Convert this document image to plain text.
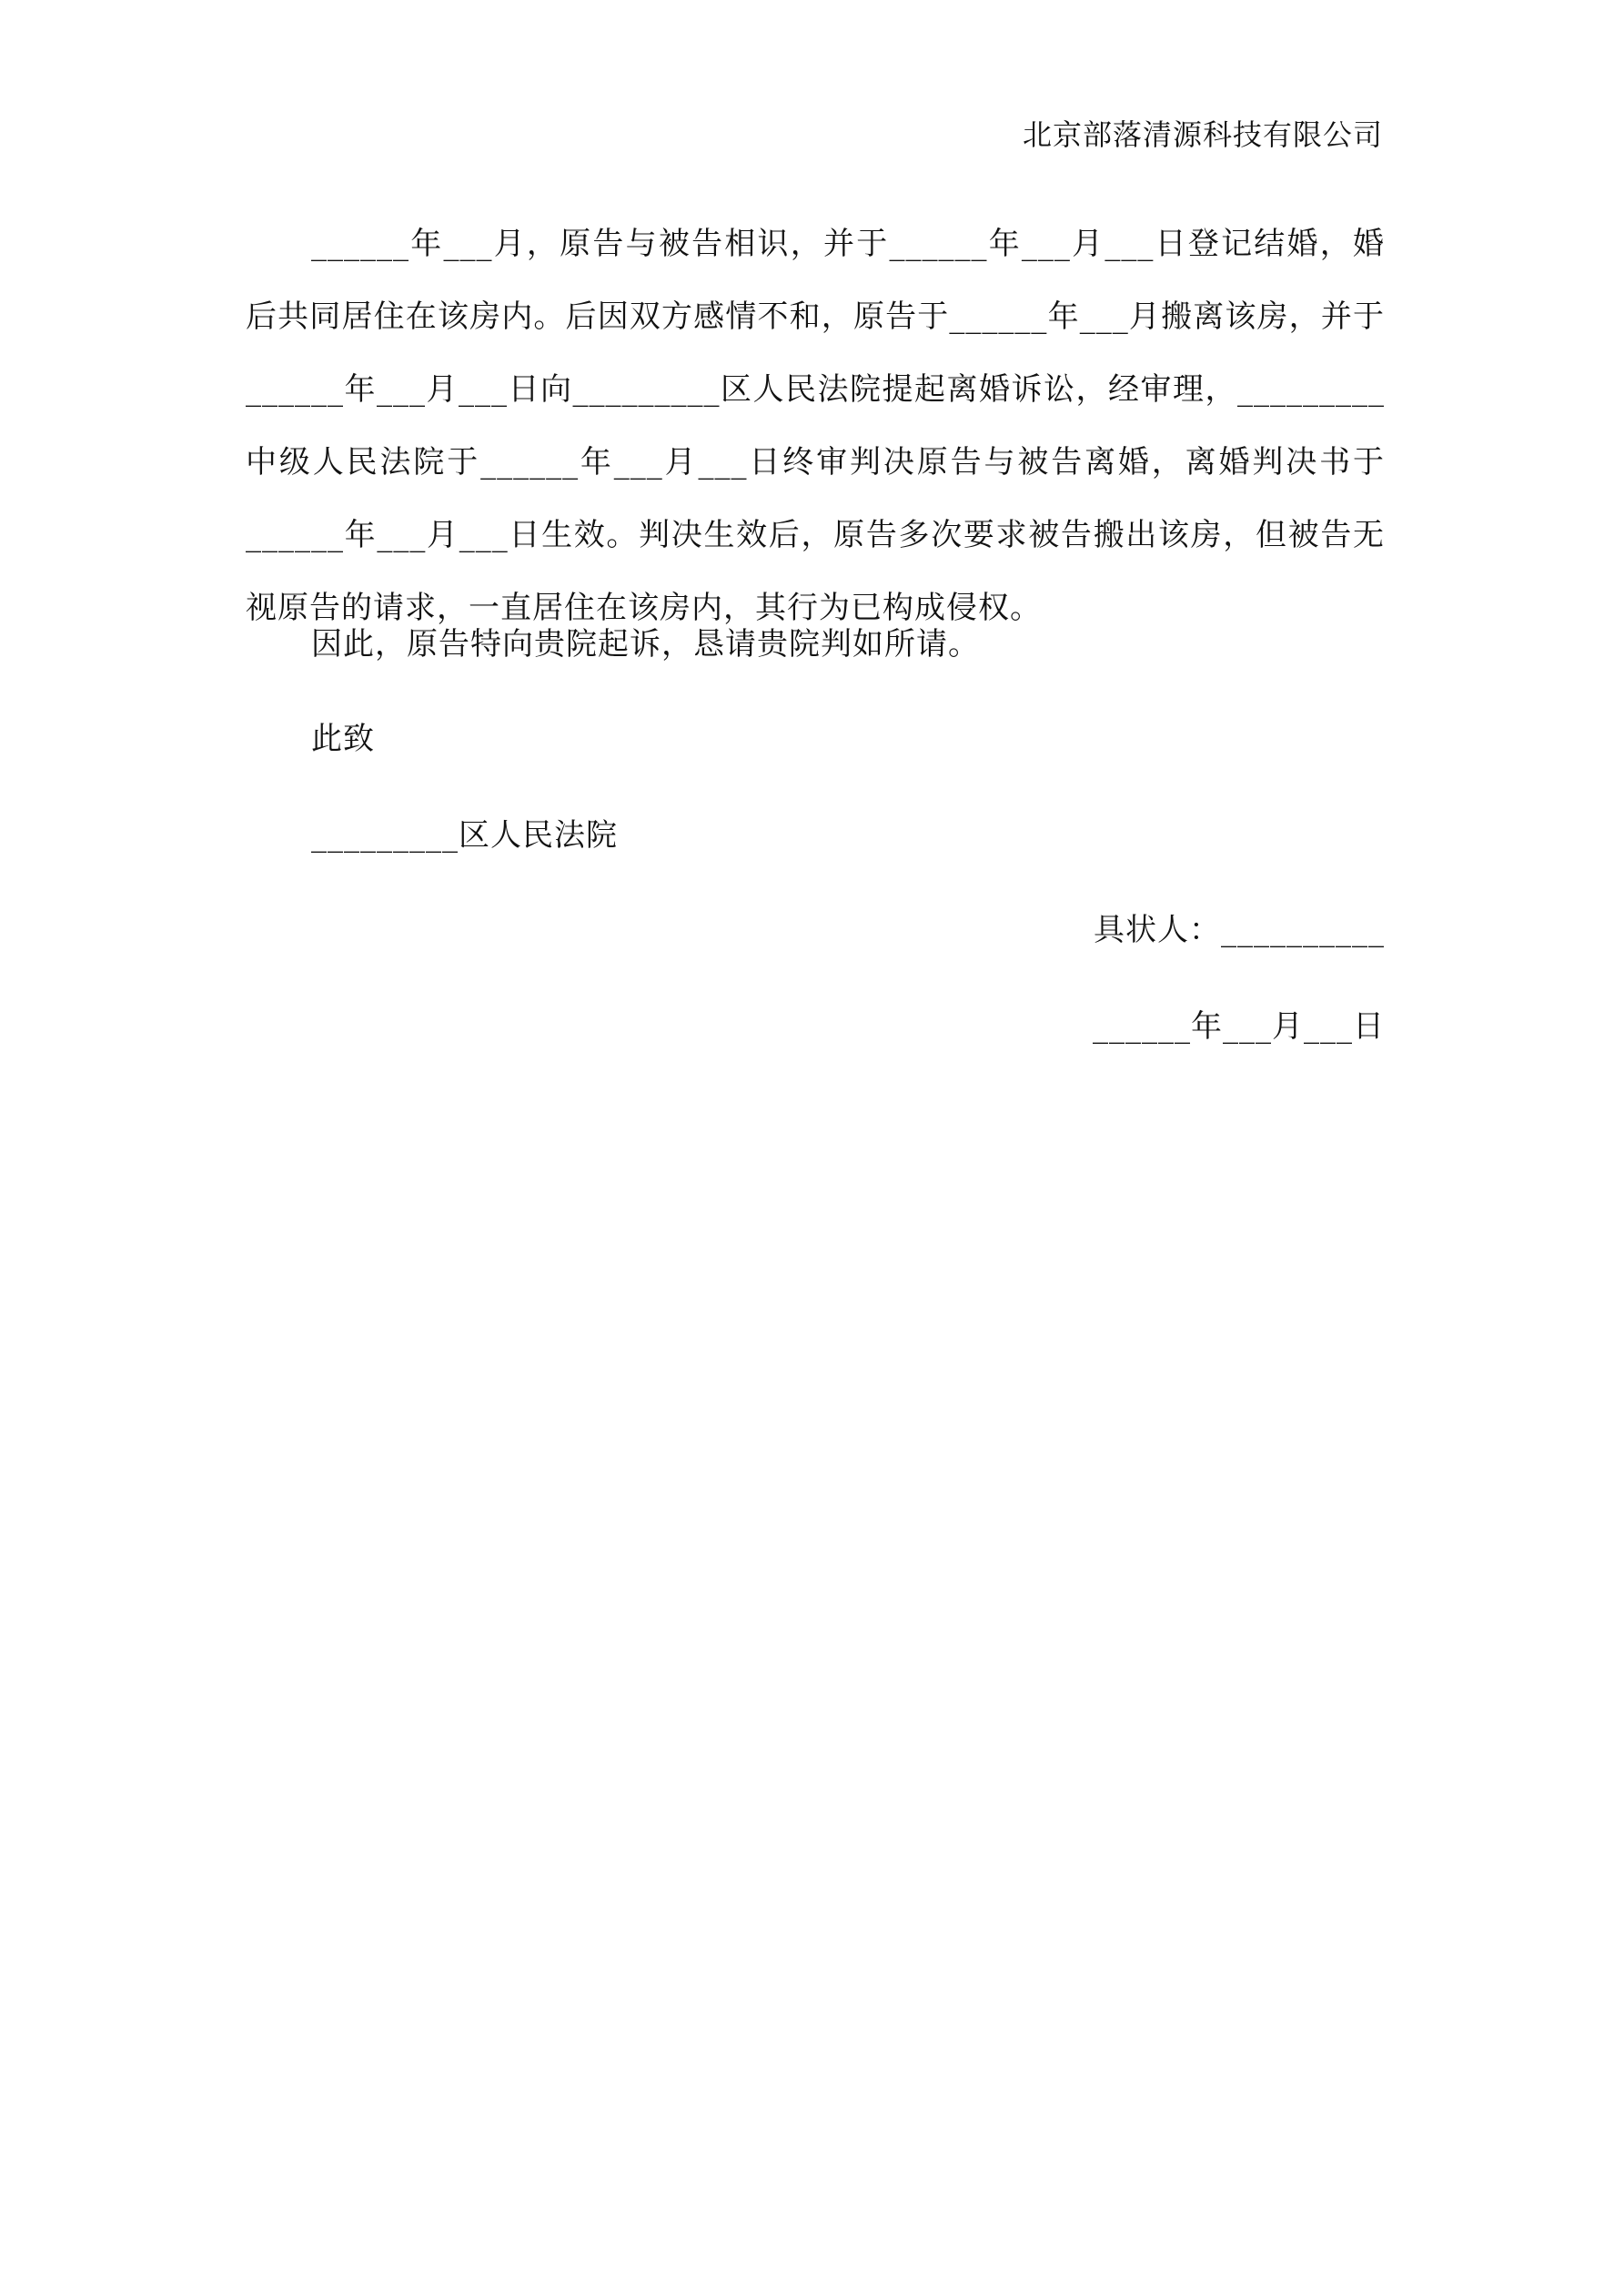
北京部落清源科技有限公司

______年___月，原告与被告相识，并于______年___月___日登记结婚，婚后共同居住在该房内。后因双方感情不和，原告于______年___月搬离该房，并于______年___月___日向_________区人民法院提起离婚诉讼，经审理，_________中级人民法院于______年___月___日终审判决原告与被告离婚，离婚判决书于______年___月___日生效。判决生效后，原告多次要求被告搬出该房，但被告无视原告的请求，一直居住在该房内，其行为已构成侵权。

因此，原告特向贵院起诉，恳请贵院判如所请。

此致

_________区人民法院

具状人：__________
______年___月___日
